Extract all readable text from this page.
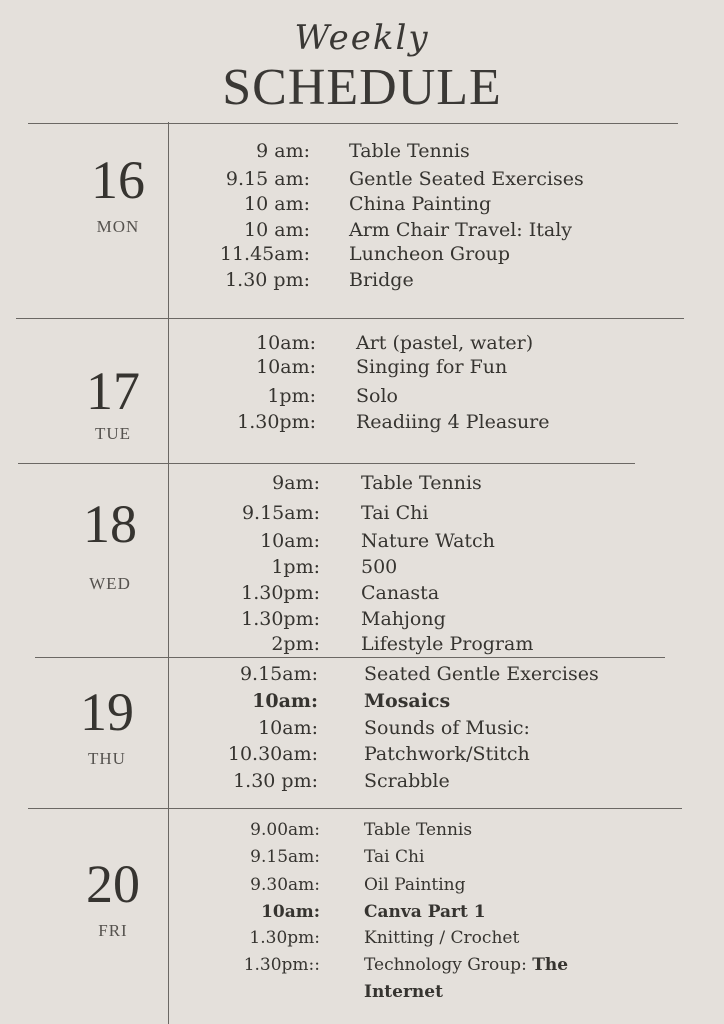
Weekly
SCHEDULE
16
MON
9 am: Table Tennis
9.15 am: Gentle Seated Exercises
10 am: China Painting
10 am: Arm Chair Travel: Italy
11.45am: Luncheon Group
1.30 pm: Bridge
17
TUE
10am: Art (pastel, water)
10am: Singing for Fun
1pm: Solo
1.30pm: Readiing 4 Pleasure
18
WED
9am: Table Tennis
9.15am: Tai Chi
10am: Nature Watch
1pm: 500
1.30pm: Canasta
1.30pm: Mahjong
2pm: Lifestyle Program
19
THU
9.15am: Seated Gentle Exercises
10am: Mosaics
10am: Sounds of Music:
10.30am: Patchwork/Stitch
1.30 pm: Scrabble
20
FRI
9.00am:	Table Tennis
9.15am:	Tai Chi
9.30am:	Oil Painting
10am:	Canva Part 1
1.30pm:	Knitting / Crochet
1.30pm::	Technology Group: The
Internet
